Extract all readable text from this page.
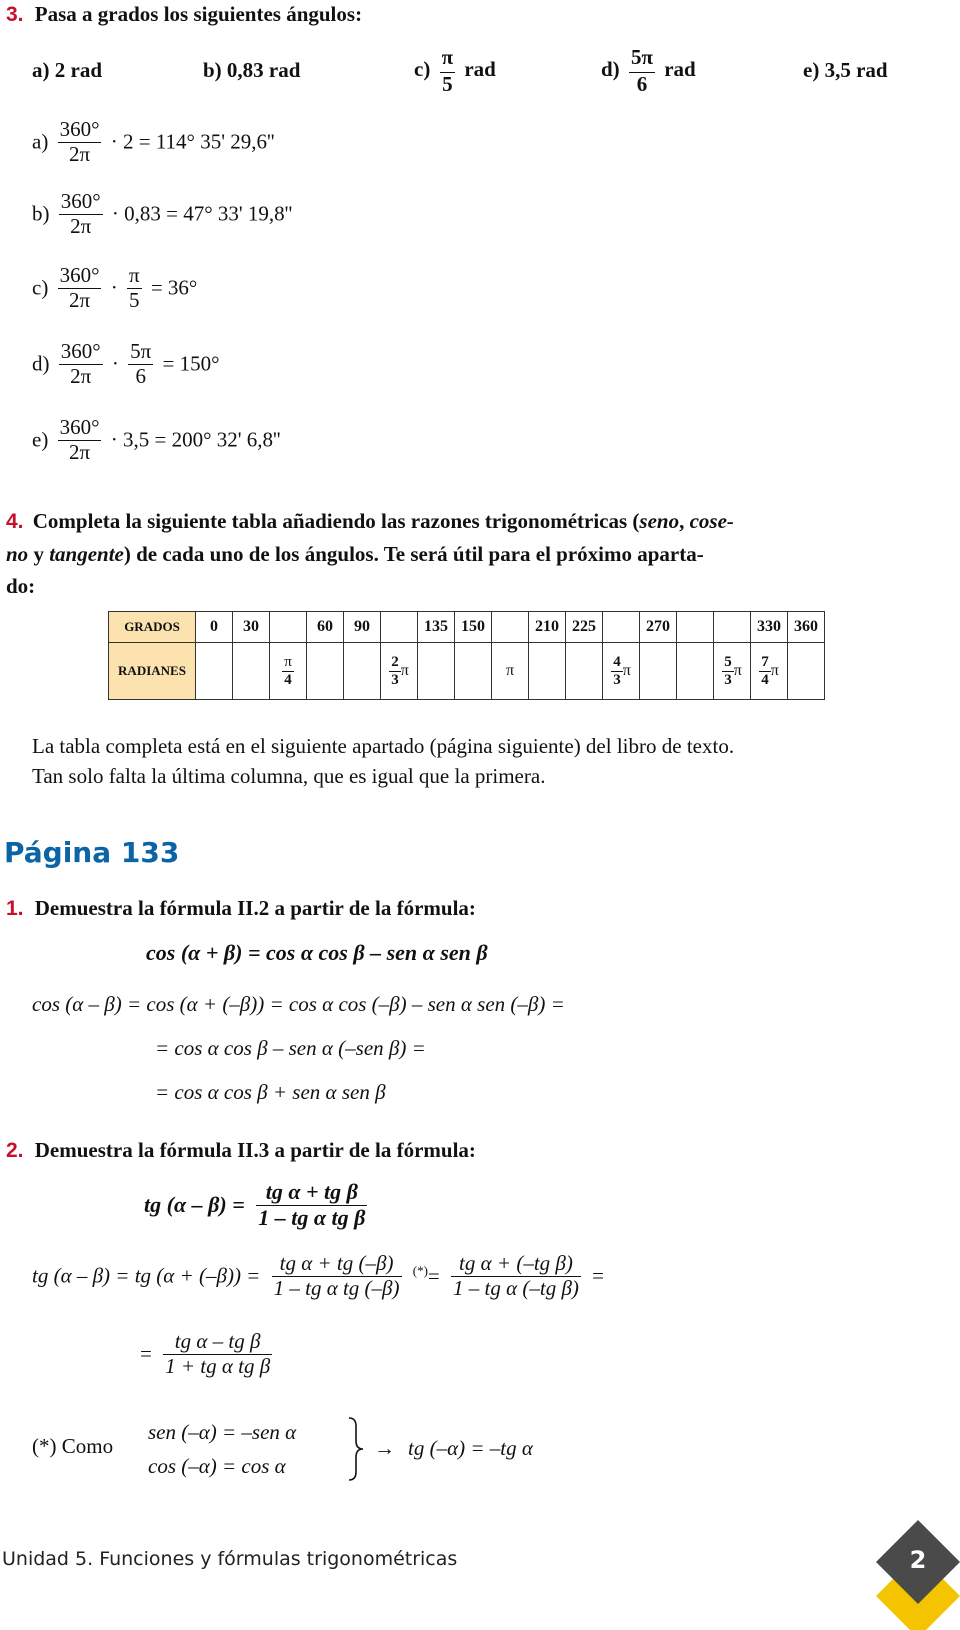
3. Pasa a grados los siguientes ángulos:
a) 2 rad	b) 0,83 rad	$c) \frac{\pi}{5}$ rad	$d) \frac{5\pi}{6}$ rad	e) 3,5 rad
$a) \frac{360^\circ}{2\pi} \cdot 2 = 114^\circ$ 35' 29,6''
$b) \frac{360^\circ}{2\pi} \cdot 0,83 = 47^\circ$ 33' 19,8''
$c) \frac{360^\circ}{2\pi} \cdot \frac{\pi}{5} = 36^\circ$
$d) \frac{360^\circ}{2\pi} \cdot \frac{5\pi}{6} = 150^\circ$
$e) \frac{360^\circ}{2\pi} \cdot 3,5 = 200^\circ$ 32' 6,8''
4. Completa la siguiente tabla añadiendo las razones trigonométricas (seno, cose-
no y tangente) de cada uno de los ángulos. Te será útil para el próximo aparta-
do:
GRADOS	0	30		60	90		135	150		210	225		270			330	360
RADIANES			$\frac{\pi}{4}$			$\frac{2}{3}$ π			π			$\frac{4}{3}$ π			$\frac{5}{3}$ π	$\frac{7}{4}$ π	
La tabla completa está en el siguiente apartado (página siguiente) del libro de texto.
Tan solo falta la última columna, que es igual que la primera.
Página 133
1. Demuestra la fórmula II.2 a partir de la fórmula:
cos (α + β) = cos α cos β – sen α sen β
cos (α – β) = cos (α + (–β)) = cos α cos (–β) – sen α sen (–β) =
= cos α cos β – sen α (–sen β) =
= cos α cos β + sen α sen β
2. Demuestra la fórmula II.3 a partir de la fórmula:
tg $(\alpha - \beta) = \frac{\text{tg α + tg β}}{\text{1 – tg α tg β}}$
tg (α – β) = tg $(\alpha + (-\beta)) = \frac{\text{tg α + tg (–β)}}{\text{1 – tg α tg (–β)}} ^{(*)}= \frac{\text{tg α + (–tg β)}}{\text{1 – tg α (–tg β)}}$ =
= $\frac{\text{tg α – tg β}}{\text{1 + tg α tg β}}$
(*) Como
sen (–α) = –sen α
cos (–α) = cos α
→ tg (–α) = –tg α
Unidad 5. Funciones y fórmulas trigonométricas	2
